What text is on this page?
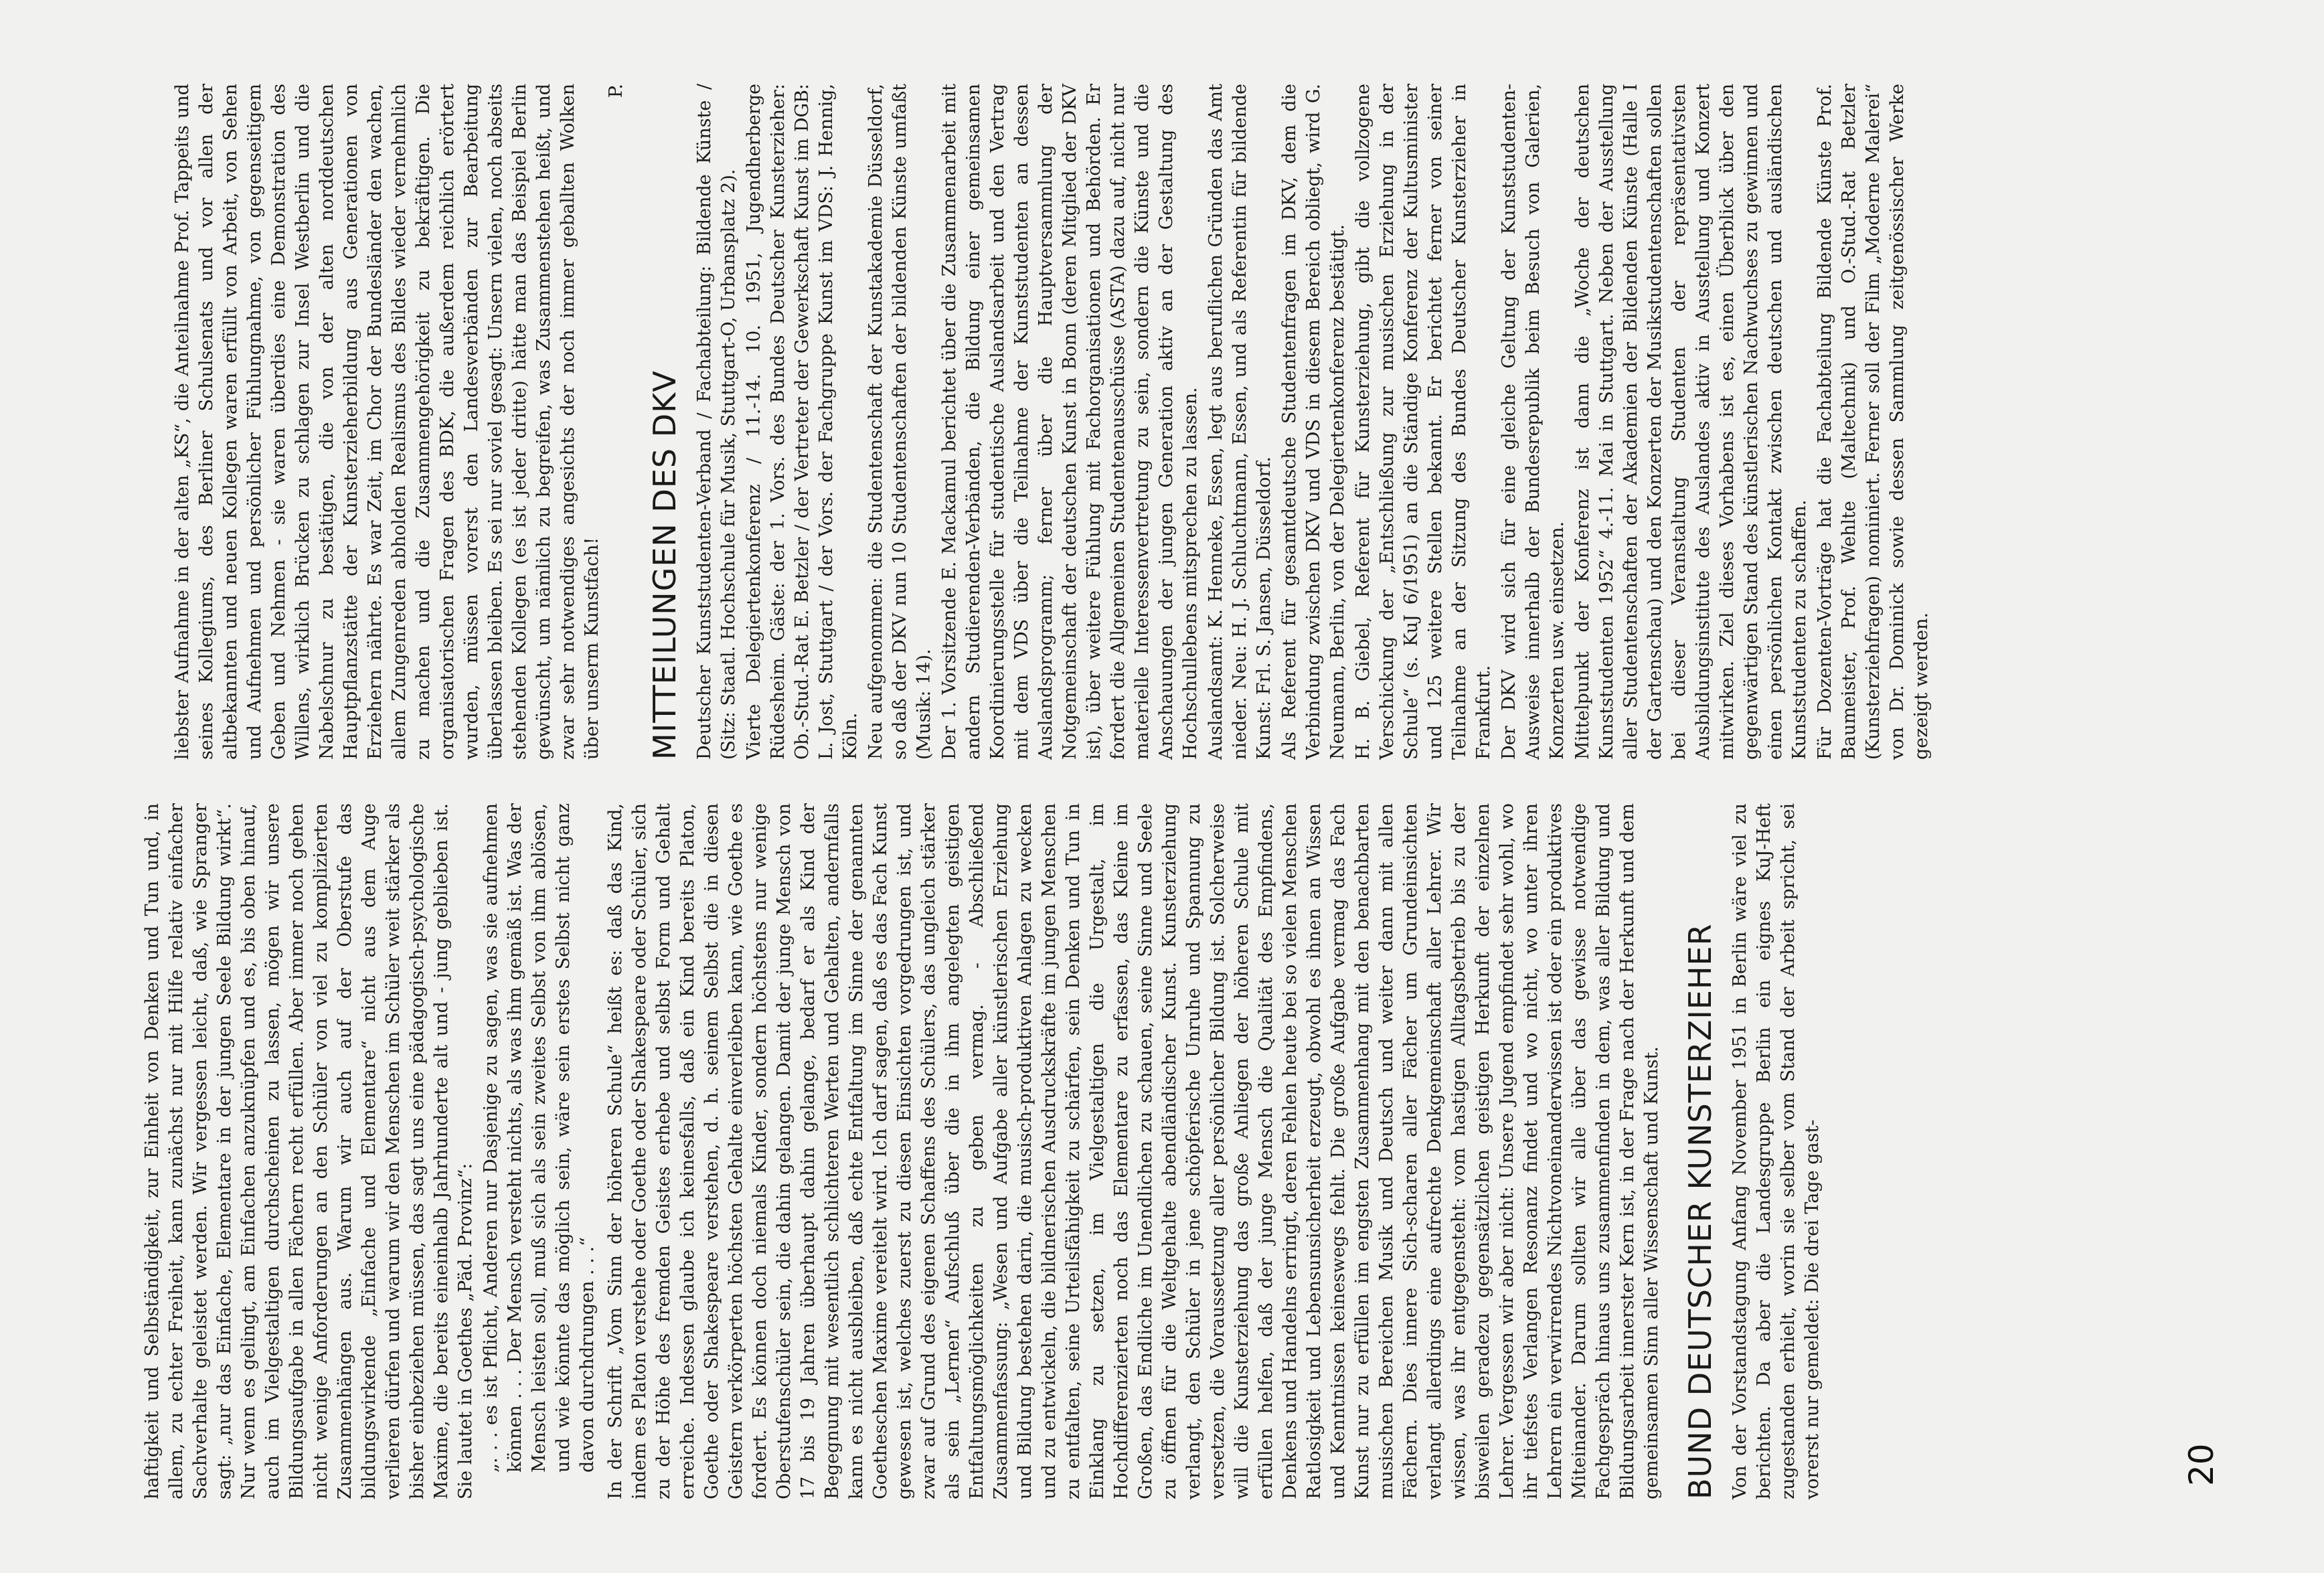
haftigkeit und Selbständigkeit, zur Einheit von Denken und Tun und, in allem, zu echter Freiheit, kann zunächst nur mit Hilfe relativ einfacher Sachverhalte geleistet werden. Wir vergessen leicht, daß, wie Spranger sagt: „nur das Einfache, Elementare in der jungen Seele Bildung wirkt“. Nur wenn es gelingt, am Einfachen anzuknüpfen und es, bis oben hinauf, auch im Vielgestaltigen durchscheinen zu lassen, mögen wir unsere Bildungsaufgabe in allen Fächern recht erfüllen. Aber immer noch gehen nicht wenige Anforderungen an den Schüler von viel zu komplizierten Zusammenhängen aus. Warum wir auch auf der Oberstufe das bildungswirkende „Einfache und Elementare“ nicht aus dem Auge verlieren dürfen und warum wir den Menschen im Schüler weit stärker als bisher einbeziehen müssen, das sagt uns eine pädagogisch-psychologische Maxime, die bereits eineinhalb Jahrhunderte alt und - jung geblieben ist. Sie lautet in Goethes „Päd. Provinz“: „. . . es ist Pflicht, Anderen nur Dasjenige zu sagen, was sie aufnehmen können . . . Der Mensch versteht nichts, als was ihm gemäß ist. Was der Mensch leisten soll, muß sich als sein zweites Selbst von ihm ablösen, und wie könnte das möglich sein, wäre sein erstes Selbst nicht ganz davon durchdrungen . . .“ In der Schrift „Vom Sinn der höheren Schule“ heißt es: daß das Kind, indem es Platon verstehe oder Goethe oder Shakespeare oder Schüler, sich zu der Höhe des fremden Geistes erhebe und selbst Form und Gehalt erreiche. Indessen glaube ich keinesfalls, daß ein Kind bereits Platon, Goethe oder Shakespeare verstehen, d. h. seinem Selbst die in diesen Geistern verkörperten höchsten Gehalte einverleiben kann, wie Goethe es fordert. Es können doch niemals Kinder, sondern höchstens nur wenige Oberstufenschüler sein, die dahin gelangen. Damit der junge Mensch von 17 bis 19 Jahren überhaupt dahin gelange, bedarf er als Kind der Begegnung mit wesentlich schlichteren Werten und Gehalten, andernfalls kann es nicht ausbleiben, daß echte Entfaltung im Sinne der genannten Goetheschen Maxime vereitelt wird. Ich darf sagen, daß es das Fach Kunst gewesen ist, welches zuerst zu diesen Einsichten vorgedrungen ist, und zwar auf Grund des eigenen Schaffens des Schülers, das ungleich stärker als sein „Lernen“ Aufschluß über die in ihm angelegten geistigen Entfaltungsmöglichkeiten zu geben vermag. - Abschließend Zusammenfassung: „Wesen und Aufgabe aller künstlerischen Erziehung und Bildung bestehen darin, die musisch-produktiven Anlagen zu wecken und zu entwickeln, die bildnerischen Ausdruckskräfte im jungen Menschen zu entfalten, seine Urteilsfähigkeit zu schärfen, sein Denken und Tun in Einklang zu setzen, im Vielgestaltigen die Urgestalt, im Hochdifferenzierten noch das Elementare zu erfassen, das Kleine im Großen, das Endliche im Unendlichen zu schauen, seine Sinne und Seele zu öffnen für die Weltgehalte abendländischer Kunst. Kunsterziehung verlangt, den Schüler in jene schöpferische Unruhe und Spannung zu versetzen, die Voraussetzung aller persönlicher Bildung ist. Solcherweise will die Kunsterziehung das große Anliegen der höheren Schule mit erfüllen helfen, daß der junge Mensch die Qualität des Empfindens, Denkens und Handelns erringt, deren Fehlen heute bei so vielen Menschen Ratlosigkeit und Lebensunsicherheit erzeugt, obwohl es ihnen an Wissen und Kenntnissen keineswegs fehlt. Die große Aufgabe vermag das Fach Kunst nur zu erfüllen im engsten Zusammenhang mit den benachbarten musischen Bereichen Musik und Deutsch und weiter dann mit allen Fächern. Dies innere Sich-scharen aller Fächer um Grundeinsichten verlangt allerdings eine aufrechte Denkgemeinschaft aller Lehrer. Wir wissen, was ihr entgegensteht: vom hastigen Alltagsbetrieb bis zu der bisweilen geradezu gegensätzlichen geistigen Herkunft der einzelnen Lehrer. Vergessen wir aber nicht: Unsere Jugend empfindet sehr wohl, wo ihr tiefstes Verlangen Resonanz findet und wo nicht, wo unter ihren Lehrern ein verwirrendes Nichtvoneinanderwissen ist oder ein produktives Miteinander. Darum sollten wir alle über das gewisse notwendige Fachgespräch hinaus uns zusammenfinden in dem, was aller Bildung und Bildungsarbeit innerster Kern ist, in der Frage nach der Herkunft und dem gemeinsamen Sinn aller Wissenschaft und Kunst. BUND DEUTSCHER KUNSTERZIEHER Von der Vorstandstagung Anfang November 1951 in Berlin wäre viel zu berichten. Da aber die Landesgruppe Berlin ein eignes KuJ-Heft zugestanden erhielt, worin sie selber vom Stand der Arbeit spricht, sei vorerst nur gemeldet: Die drei Tage gast-

liebster Aufnahme in der alten „KS“, die Anteilnahme Prof. Tappeits und seines Kollegiums, des Berliner Schulsenats und vor allen der altbekannten und neuen Kollegen waren erfüllt von Arbeit, von Sehen und Aufnehmen und persönlicher Fühlungnahme, von gegenseitigem Geben und Nehmen - sie waren überdies eine Demonstration des Willens, wirklich Brücken zu schlagen zur Insel Westberlin und die Nabelschnur zu bestätigen, die von der alten norddeutschen Hauptpflanzstätte der Kunsterzieherbildung aus Generationen von Erziehern nährte. Es war Zeit, im Chor der Bundesländer den wachen, allem Zungenreden abholden Realismus des Bildes wieder vernehmlich zu machen und die Zusammengehörigkeit zu bekräftigen. Die organisatorischen Fragen des BDK, die außerdem reichlich erörtert wurden, müssen vorerst den Landesverbänden zur Bearbeitung überlassen bleiben. Es sei nur soviel gesagt: Unsern vielen, noch abseits stehenden Kollegen (es ist jeder dritte) hätte man das Beispiel Berlin gewünscht, um nämlich zu begreifen, was Zusammenstehen heißt, und zwar sehr notwendiges angesichts der noch immer geballten Wolken über unserm Kunstfach!

P.

MITTEILUNGEN DES DKV Deutscher Kunststudenten-Verband / Fachabteilung: Bildende Künste / (Sitz: Staatl. Hochschule für Musik, Stuttgart-O, Urbansplatz 2). Vierte Delegiertenkonferenz / 11.-14. 10. 1951, Jugendherberge Rüdesheim. Gäste: der 1. Vors. des Bundes Deutscher Kunsterzieher: Ob.-Stud.-Rat E. Betzler / der Vertreter der Gewerkschaft Kunst im DGB: L. Jost, Stuttgart / der Vors. der Fachgruppe Kunst im VDS: J. Hennig, Köln. Neu aufgenommen: die Studentenschaft der Kunstakademie Düsseldorf, so daß der DKV nun 10 Studentenschaften der bildenden Künste umfaßt (Musik: 14). Der 1. Vorsitzende E. Mackamul berichtet über die Zusammenarbeit mit andern Studierenden-Verbänden, die Bildung einer gemeinsamen Koordinierungsstelle für studentische Auslandsarbeit und den Vertrag mit dem VDS über die Teilnahme der Kunststudenten an dessen Auslandsprogramm; ferner über die Hauptversammlung der Notgemeinschaft der deutschen Kunst in Bonn (deren Mitglied der DKV ist), über weitere Fühlung mit Fachorganisationen und Behörden. Er fordert die Allgemeinen Studentenausschüsse (ASTA) dazu auf, nicht nur materielle Interessenvertretung zu sein, sondern die Künste und die Anschauungen der jungen Generation aktiv an der Gestaltung des Hochschullebens mitsprechen zu lassen. Auslandsamt: K. Henneke, Essen, legt aus beruflichen Gründen das Amt nieder. Neu: H. J. Schluchtmann, Essen, und als Referentin für bildende Kunst: Frl. S. Jansen, Düsseldorf. Als Referent für gesamtdeutsche Studentenfragen im DKV, dem die Verbindung zwischen DKV und VDS in diesem Bereich obliegt, wird G. Neumann, Berlin, von der Delegiertenkonferenz bestätigt. H. B. Giebel, Referent für Kunsterziehung, gibt die vollzogene Verschickung der „Entschließung zur musischen Erziehung in der Schule“ (s. KuJ 6/1951) an die Ständige Konferenz der Kultusminister und 125 weitere Stellen bekannt. Er berichtet ferner von seiner Teilnahme an der Sitzung des Bundes Deutscher Kunsterzieher in Frankfurt. Der DKV wird sich für eine gleiche Geltung der Kunststudenten-Ausweise innerhalb der Bundesrepublik beim Besuch von Galerien, Konzerten usw. einsetzen. Mittelpunkt der Konferenz ist dann die „Woche der deutschen Kunststudenten 1952“ 4.-11. Mai in Stuttgart. Neben der Ausstellung aller Studentenschaften der Akademien der Bildenden Künste (Halle I der Gartenschau) und den Konzerten der Musikstudentenschaften sollen bei dieser Veranstaltung Studenten der repräsentativsten Ausbildungsinstitute des Auslandes aktiv in Ausstellung und Konzert mitwirken. Ziel dieses Vorhabens ist es, einen Überblick über den gegenwärtigen Stand des künstlerischen Nachwuchses zu gewinnen und einen persönlichen Kontakt zwischen deutschen und ausländischen Kunststudenten zu schaffen. Für Dozenten-Vorträge hat die Fachabteilung Bildende Künste Prof. Baumeister, Prof. Wehlte (Maltechnik) und O.-Stud.-Rat Betzler (Kunsterziehfragen) nominiert. Ferner soll der Film „Moderne Malerei“ von Dr. Dominick sowie dessen Sammlung zeitgenössischer Werke gezeigt werden.

20
